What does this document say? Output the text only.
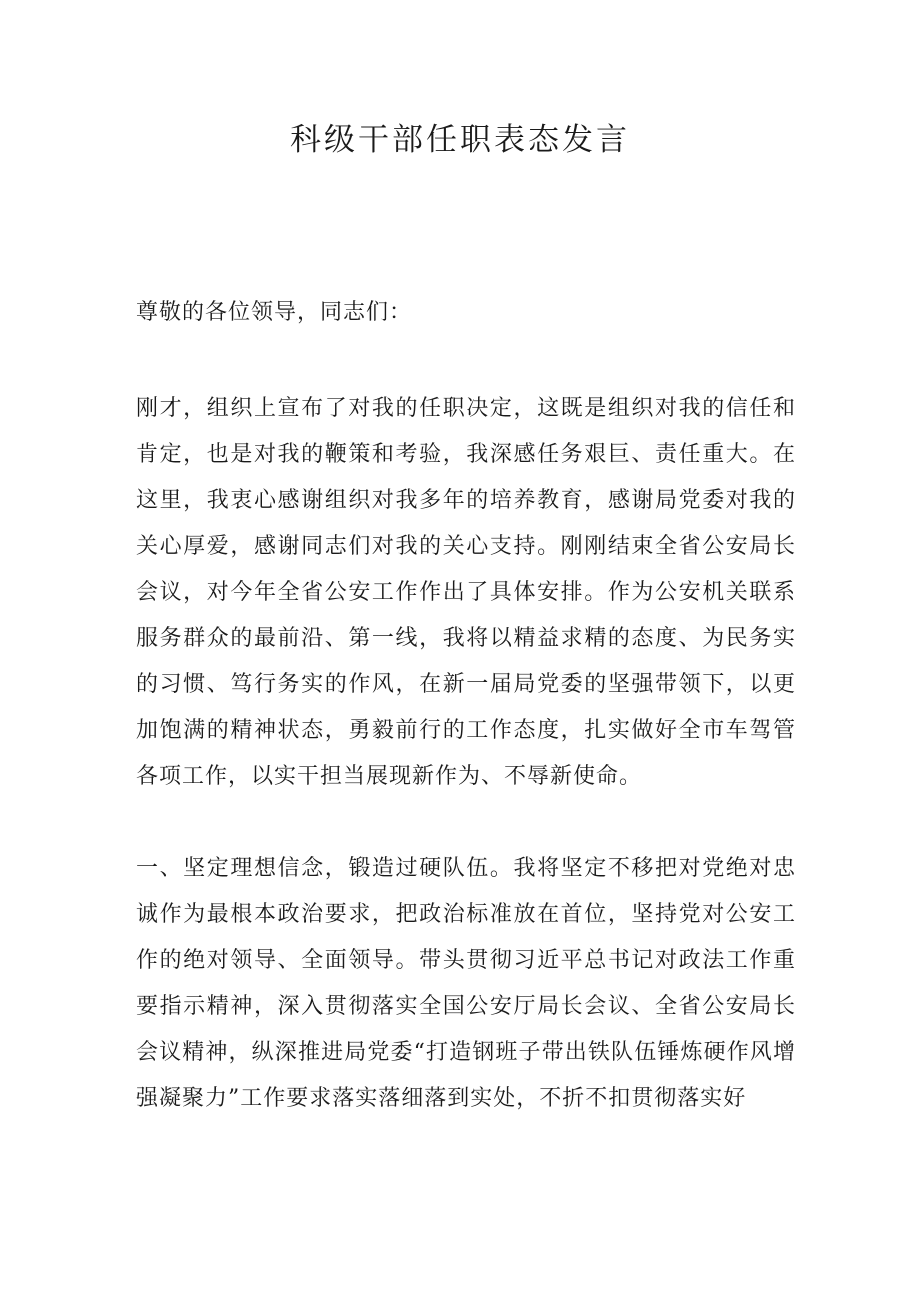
科级干部任职表态发言

尊敬的各位领导，同志们：

刚才，组织上宣布了对我的任职决定，这既是组织对我的信任和肯定，也是对我的鞭策和考验，我深感任务艰巨、责任重大。在这里，我衷心感谢组织对我多年的培养教育，感谢局党委对我的关心厚爱，感谢同志们对我的关心支持。刚刚结束全省公安局长会议，对今年全省公安工作作出了具体安排。作为公安机关联系服务群众的最前沿、第一线，我将以精益求精的态度、为民务实的习惯、笃行务实的作风，在新一届局党委的坚强带领下，以更加饱满的精神状态，勇毅前行的工作态度，扎实做好全市车驾管各项工作，以实干担当展现新作为、不辱新使命。

一、坚定理想信念，锻造过硬队伍。我将坚定不移把对党绝对忠诚作为最根本政治要求，把政治标准放在首位，坚持党对公安工作的绝对领导、全面领导。带头贯彻习近平总书记对政法工作重要指示精神，深入贯彻落实全国公安厅局长会议、全省公安局长会议精神，纵深推进局党委“打造钢班子带出铁队伍锤炼硬作风增强凝聚力”工作要求落实落细落到实处，不折不扣贯彻落实好
